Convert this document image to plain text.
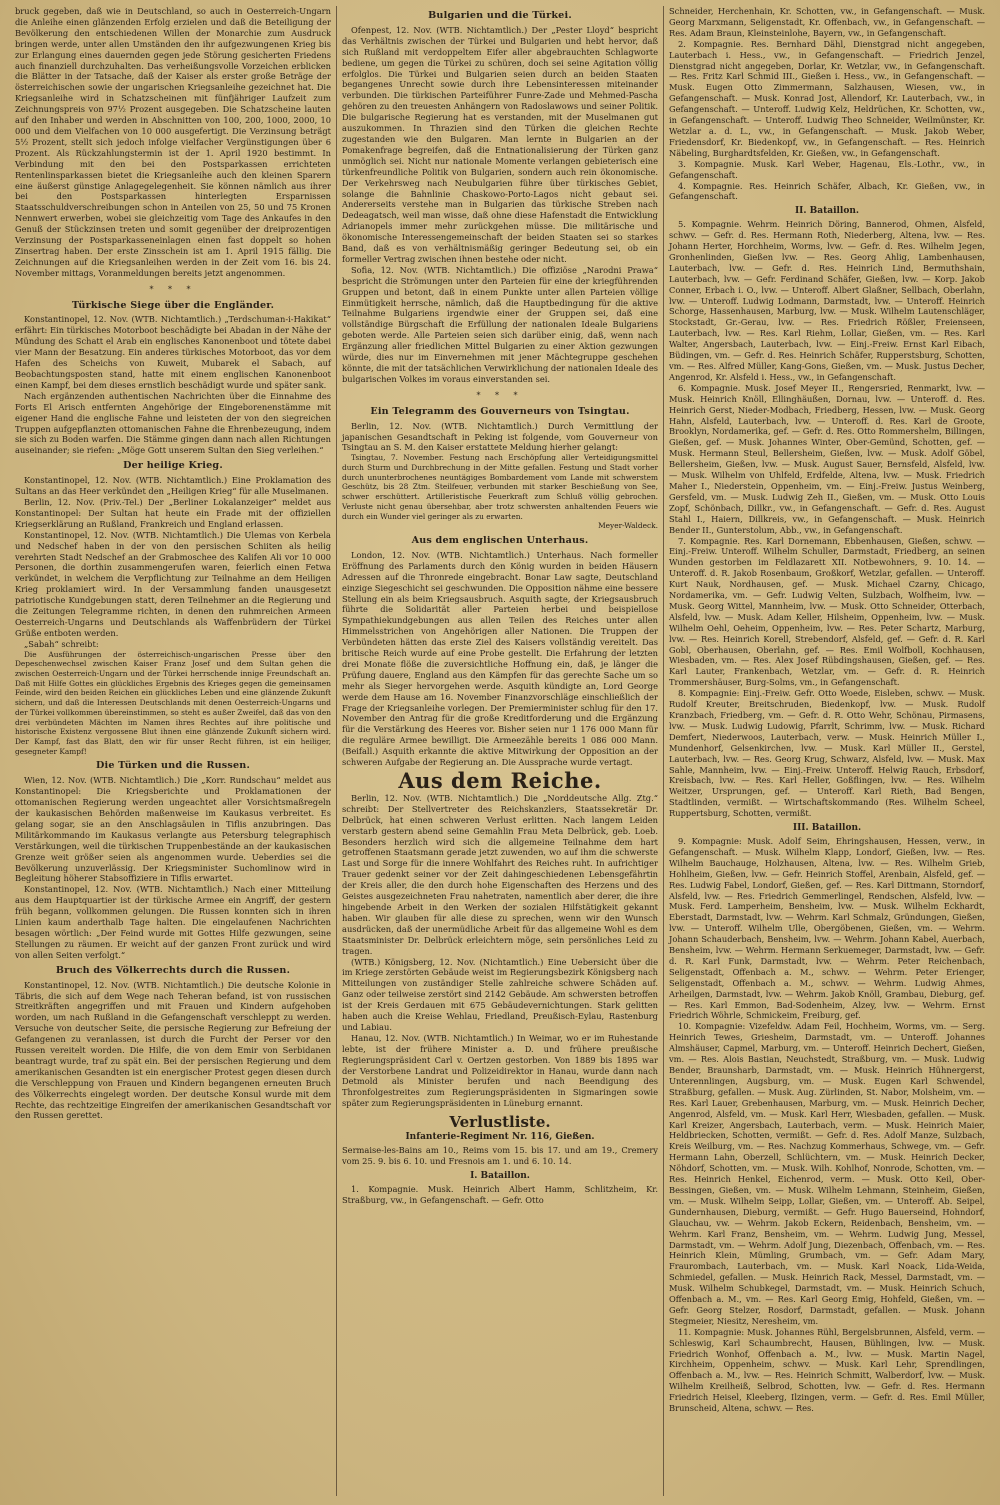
bruck gegeben, daß wie in Deutschland, so auch in Oesterreich-Ungarn die Anleihe einen glänzenden Erfolg erzielen und daß die Beteiligung der Bevölkerung den entschiedenen Willen der Monarchie zum Ausdruck bringen werde, unter allen Umständen den ihr aufgezwungenen Krieg bis zur Erlangung eines dauernden gegen jede Störung gesicherten Friedens auch finanziell durchzuhalten. Das verheißungsvolle Vorzeichen erblicken die Blätter in der Tatsache, daß der Kaiser als erster große Beträge der österreichischen sowie der ungarischen Kriegsanleihe gezeichnet hat. Die Kriegsanleihe wird in Schatzscheinen mit fünfjähriger Laufzeit zum Zeichnungspreis von 97½ Prozent ausgegeben. Die Schatzscheine lauten auf den Inhaber und werden in Abschnitten von 100, 200, 1000, 2000, 10 000 und dem Vielfachen von 10 000 ausgefertigt. Die Verzinsung beträgt 5½ Prozent, stellt sich jedoch infolge vielfacher Vergünstigungen über 6 Prozent. Als Rückzahlungstermin ist der 1. April 1920 bestimmt. In Verbindung mit den bei den Postsparkassen errichteten Rentenlinsparkassen bietet die Kriegsanleihe auch den kleinen Sparern eine äußerst günstige Anlagegelegenheit. Sie können nämlich aus ihrer bei den Postsparkassen hinterlegten Ersparnissen Staatsschuldverschreibungen schon in Anteilen von 25, 50 und 75 Kronen Nennwert erwerben, wobei sie gleichzeitig vom Tage des Ankaufes in den Genuß der Stückzinsen treten und somit gegenüber der dreiprozentigen Verzinsung der Postsparkasseneinlagen einen fast doppelt so hohen Zinsertrag haben. Der erste Zinsschein ist am 1. April 1915 fällig. Die Zeichnungen auf die Kriegsanleihen werden in der Zeit vom 16. bis 24. November mittags, Voranmeldungen bereits jetzt angenommen.

* * *
Türkische Siege über die Engländer.

Konstantinopel, 12. Nov. (WTB. Nichtamtlich.) „Terdschuman-i-Hakikat“ erfährt: Ein türkisches Motorboot beschädigte bei Abadan in der Nähe der Mündung des Schatt el Arab ein englisches Kanonenboot und tötete dabei vier Mann der Besatzung. Ein anderes türkisches Motorboot, das vor dem Hafen des Scheichs von Kuweit, Mubarek el Sabach, auf Beobachtungsposten stand, hatte mit einem englischen Kanonenboot einen Kampf, bei dem dieses ernstlich beschädigt wurde und später sank.

Nach ergänzenden authentischen Nachrichten über die Einnahme des Forts El Arisch entfernten Angehörige der Eingeborenenstämme mit eigener Hand die englische Fahne und leisteten der von den siegreichen Truppen aufgepflanzten ottomanischen Fahne die Ehrenbezeugung, indem sie sich zu Boden warfen. Die Stämme gingen dann nach allen Richtungen auseinander; sie riefen: „Möge Gott unserem Sultan den Sieg verleihen.“

Der heilige Krieg.

Konstantinopel, 12. Nov. (WTB. Nichtamtlich.) Eine Proklamation des Sultans an das Heer verkündet den „Heiligen Krieg“ für alle Muselmanen.

Berlin, 12. Nov. (Priv.-Tel.) Der „Berliner Lokalanzeiger“ meldet aus Konstantinopel: Der Sultan hat heute ein Frade mit der offiziellen Kriegserklärung an Rußland, Frankreich und England erlassen.

Konstantinopel, 12. Nov. (WTB. Nichtamtlich.) Die Ulemas von Kerbela und Nedschef haben in der von den persischen Schiiten als heilig verehrten Stadt Nedschef an der Grabmoschee des Kalifen Ali vor 10 000 Personen, die dorthin zusammengerufen waren, feierlich einen Fetwa verkündet, in welchem die Verpflichtung zur Teilnahme an dem Heiligen Krieg proklamiert wird. In der Versammlung fanden unausgesetzt patriotische Kundgebungen statt, deren Teilnehmer an die Regierung und die Zeitungen Telegramme richten, in denen den ruhmreichen Armeen Oesterreich-Ungarns und Deutschlands als Waffenbrüdern der Türkei Grüße entboten werden.

„Sabah“ schreibt:

Die Ausführungen der österreichisch-ungarischen Presse über den Depeschenwechsel zwischen Kaiser Franz Josef und dem Sultan gehen die zwischen Oesterreich-Ungarn und der Türkei herrschende innige Freundschaft an. Daß mit Hilfe Gottes ein glückliches Ergebnis des Krieges gegen die gemeinsamen Feinde, wird den beiden Reichen ein glückliches Leben und eine glänzende Zukunft sichern, und daß die Interessen Deutschlands mit denen Oesterreich-Ungarns und der Türkei vollkommen übereinstimmen, so steht es außer Zweifel, daß das von den drei verbündeten Mächten im Namen ihres Rechtes auf ihre politische und historische Existenz vergossene Blut ihnen eine glänzende Zukunft sichern wird. Der Kampf, fast das Blatt, den wir für unser Recht führen, ist ein heiliger, gesegneter Kampf!

Die Türken und die Russen.

Wien, 12. Nov. (WTB. Nichtamtlich.) Die „Korr. Rundschau“ meldet aus Konstantinopel: Die Kriegsberichte und Proklamationen der ottomanischen Regierung werden ungeachtet aller Vorsichtsmaßregeln der kaukasischen Behörden maßenweise im Kaukasus verbreitet. Es gelang sogar, sie an den Anschlagsäulen in Tiflis anzubringen. Das Militärkommando im Kaukasus verlangte aus Petersburg telegraphisch Verstärkungen, weil die türkischen Truppenbestände an der kaukasischen Grenze weit größer seien als angenommen wurde. Ueberdies sei die Bevölkerung unzuverlässig. Der Kriegsminister Suchomlinow wird in Begleitung höherer Stabsoffiziere in Tiflis erwartet.

Konstantinopel, 12. Nov. (WTB. Nichtamtlich.) Nach einer Mitteilung aus dem Hauptquartier ist der türkische Armee ein Angriff, der gestern früh begann, vollkommen gelungen. Die Russen konnten sich in ihren Linien kaum anderthalb Tage halten. Die eingelaufenen Nachrichten besagen wörtlich: „Der Feind wurde mit Gottes Hilfe gezwungen, seine Stellungen zu räumen. Er weicht auf der ganzen Front zurück und wird von allen Seiten verfolgt.“

Bruch des Völkerrechts durch die Russen.

Konstantinopel, 12. Nov. (WTB. Nichtamtlich.) Die deutsche Kolonie in Täbris, die sich auf dem Wege nach Teheran befand, ist von russischen Streitkräften angegriffen und mit Frauen und Kindern aufgehoben worden, um nach Rußland in die Gefangenschaft verschleppt zu werden. Versuche von deutscher Seite, die persische Regierung zur Befreiung der Gefangenen zu veranlassen, ist durch die Furcht der Perser vor den Russen vereitelt worden. Die Hilfe, die von dem Emir von Serbidanen beantragt wurde, traf zu spät ein. Bei der persischen Regierung und dem amerikanischen Gesandten ist ein energischer Protest gegen diesen durch die Verschleppung von Frauen und Kindern begangenen erneuten Bruch des Völkerrechts eingelegt worden. Der deutsche Konsul wurde mit dem Rechte, das rechtzeitige Eingreifen der amerikanischen Gesandtschaft vor den Russen gerettet.

Bulgarien und die Türkei.

Ofenpest, 12. Nov. (WTB. Nichtamtlich.) Der „Pester Lloyd“ bespricht das Verhältnis zwischen der Türkei und Bulgarien und hebt hervor, daß sich Rußland mit verdoppeltem Eifer aller abgebrauchten Schlagworte bediene, um gegen die Türkei zu schüren, doch sei seine Agitation völlig erfolglos. Die Türkei und Bulgarien seien durch an beiden Staaten begangenes Unrecht sowie durch ihre Lebensinteressen miteinander verbunden. Die türkischen Parteiführer Funre-Zade und Mehmed-Pascha gehören zu den treuesten Anhängern von Radoslawows und seiner Politik. Die bulgarische Regierung hat es verstanden, mit der Muselmanen gut auszukommen. In Thrazien sind den Türken die gleichen Rechte zugestanden wie den Bulgaren. Man lernte in Bulgarien an der Pomakenfrage begreifen, daß die Entnationalisierung der Türken ganz unmöglich sei. Nicht nur nationale Momente verlangen gebieterisch eine türkenfreundliche Politik von Bulgarien, sondern auch rein ökonomische. Der Verkehrsweg nach Neubulgarien führe über türkisches Gebiet, solange die Bahnlinie Chaskowo-Porto-Lagos nicht gebaut sei. Andererseits verstehe man in Bulgarien das türkische Streben nach Dedeagatsch, weil man wisse, daß ohne diese Hafenstadt die Entwicklung Adrianopels immer mehr zurückgehen müsse. Die militärische und ökonomische Interessengemeinschaft der beiden Staaten sei so starkes Band, daß es von verhältnismäßig geringer Bedeutung sei, ob ein formeller Vertrag zwischen ihnen bestehe oder nicht.

Sofia, 12. Nov. (WTB. Nichtamtlich.) Die offiziöse „Narodni Prawa“ bespricht die Strömungen unter den Parteien für eine der kriegführenden Gruppen und betont, daß in einem Punkte unter allen Parteien völlige Einmütigkeit herrsche, nämlich, daß die Hauptbedingung für die aktive Teilnahme Bulgariens irgendwie einer der Gruppen sei, daß eine vollständige Bürgschaft die Erfüllung der nationalen Ideale Bulgariens geboten werde. Alle Parteien seien sich darüber einig, daß, wenn nach Ergänzung aller friedlichen Mittel Bulgarien zu einer Aktion gezwungen würde, dies nur im Einvernehmen mit jener Mächtegruppe geschehen könnte, die mit der tatsächlichen Verwirklichung der nationalen Ideale des bulgarischen Volkes im voraus einverstanden sei.

* * *
Ein Telegramm des Gouverneurs von Tsingtau.

Berlin, 12. Nov. (WTB. Nichtamtlich.) Durch Vermittlung der japanischen Gesandtschaft in Peking ist folgende, vom Gouverneur von Tsingtau an S. M. den Kaiser erstattete Meldung hierher gelangt:

Tsingtau, 7. November. Festung nach Erschöpfung aller Verteidigungsmittel durch Sturm und Durchbrechung in der Mitte gefallen. Festung und Stadt vorher durch ununterbrochenes neuntägiges Bombardement vom Lande mit schwerstem Geschütz, bis 28 Ztm. Steilfeuer, verbunden mit starker Beschießung von See, schwer erschüttert. Artilleristische Feuerkraft zum Schluß völlig gebrochen. Verluste nicht genau übersehbar, aber trotz schwersten anhaltenden Feuers wie durch ein Wunder viel geringer als zu erwarten.

Meyer-Waldeck.

Aus dem englischen Unterhaus.

London, 12. Nov. (WTB. Nichtamtlich.) Unterhaus. Nach formeller Eröffnung des Parlaments durch den König wurden in beiden Häusern Adressen auf die Thronrede eingebracht. Bonar Law sagte, Deutschland einzige Siegeschicht sei geschwunden. Die Opposition nähme eine bessere Stellung ein als beim Kriegsausbruch. Asquith sagte, der Kriegsausbruch führte die Solidarität aller Parteien herbei und beispiellose Sympathiekundgebungen aus allen Teilen des Reiches unter allen Himmelsstrichen von Angehörigen aller Nationen. Die Truppen der Verbündeten hätten das erste Ziel des Kaisers vollständig vereitelt. Das britische Reich wurde auf eine Probe gestellt. Die Erfahrung der letzten drei Monate flöße die zuversichtliche Hoffnung ein, daß, je länger die Prüfung dauere, England aus den Kämpfen für das gerechte Sache um so mehr als Sieger hervorgehen werde. Asquith kündigte an, Lord George werde dem Hause am 16. November Finanzvorschläge einschließlich der Frage der Kriegsanleihe vorlegen. Der Premierminister schlug für den 17. November den Antrag für die große Kreditforderung und die Ergänzung für die Verstärkung des Heeres vor. Bisher seien nur 1 176 000 Mann für die reguläre Armee bewilligt. Die Armeezähle bereits 1 086 000 Mann. (Beifall.) Asquith erkannte die aktive Mitwirkung der Opposition an der schweren Aufgabe der Regierung an. Die Aussprache wurde vertagt.

Aus dem Reiche.

Berlin, 12. Nov. (WTB. Nichtamtlich.) Die „Norddeutsche Allg. Ztg.“ schreibt: Der Stellvertreter des Reichskanzlers, Staatssekretär Dr. Delbrück, hat einen schweren Verlust erlitten. Nach langem Leiden verstarb gestern abend seine Gemahlin Frau Meta Delbrück, geb. Loeb. Besonders herzlich wird sich die allgemeine Teilnahme dem hart getroffenen Staatsmann gerade jetzt zuwenden, wo auf ihm die schwerste Last und Sorge für die innere Wohlfahrt des Reiches ruht. In aufrichtiger Trauer gedenkt seiner vor der Zeit dahingeschiedenen Lebensgefährtin der Kreis aller, die den durch hohe Eigenschaften des Herzens und des Geistes ausgezeichneten Frau nahetraten, namentlich aber derer, die ihre hingebende Arbeit in den Werken der sozialen Hilfstätigkeit gekannt haben. Wir glauben für alle diese zu sprechen, wenn wir den Wunsch ausdrücken, daß der unermüdliche Arbeit für das allgemeine Wohl es dem Staatsminister Dr. Delbrück erleichtern möge, sein persönliches Leid zu tragen.

(WTB.) Königsberg, 12. Nov. (Nichtamtlich.) Eine Uebersicht über die im Kriege zerstörten Gebäude weist im Regierungsbezirk Königsberg nach Mitteilungen von zuständiger Stelle zahlreiche schwere Schäden auf. Ganz oder teilweise zerstört sind 2142 Gebäude. Am schwersten betroffen ist der Kreis Gerdauen mit 675 Gebäudevernichtungen. Stark gelitten haben auch die Kreise Wehlau, Friedland, Preußisch-Eylau, Rastenburg und Labiau.

Hanau, 12. Nov. (WTB. Nichtamtlich.) In Weimar, wo er im Ruhestande lebte, ist der frühere Minister a. D. und frühere preußische Regierungspräsident Carl v. Oertzen gestorben. Von 1889 bis 1895 war der Verstorbene Landrat und Polizeidirektor in Hanau, wurde dann nach Detmold als Minister berufen und nach Beendigung des Thronfolgestreites zum Regierungspräsidenten in Sigmaringen sowie später zum Regierungspräsidenten in Lüneburg ernannt.

Verlustliste.
Infanterie-Regiment Nr. 116, Gießen.

Sermaise-les-Bains am 10., Reims vom 15. bis 17. und am 19., Cremery vom 25. 9. bis 6. 10. und Fresnois am 1. und 6. 10. 14.

I. Bataillon.

1. Kompagnie. Musk. Heinrich Albert Hamm, Schlitzheim, Kr. Straßburg, vw., in Gefangenschaft. — Gefr. Otto

Schneider, Herchenhain, Kr. Schotten, vw., in Gefangenschaft. — Musk. Georg Marxmann, Seligenstadt, Kr. Offenbach, vw., in Gefangenschaft. — Res. Adam Braun, Kleinsteinlohe, Bayern, vw., in Gefangenschaft.

2. Kompagnie. Res. Bernhard Dähl, Dienstgrad nicht angegeben, Lauterbach i. Hess., vw., in Gefangenschaft. — Friedrich Jenzel, Dienstgrad nicht angegeben, Dorlar, Kr. Wetzlar, vw., in Gefangenschaft. — Res. Fritz Karl Schmid III., Gießen i. Hess., vw., in Gefangenschaft. — Musk. Eugen Otto Zimmermann, Salzhausen, Wiesen, vw., in Gefangenschaft. — Musk. Konrad Jost, Allendorf, Kr. Lauterbach, vw., in Gefangenschaft. — Unteroff. Ludwig Kelz, Heldrüchen, Kr. Schotten, vw., in Gefangenschaft. — Unteroff. Ludwig Theo Schneider, Weilmünster, Kr. Wetzlar a. d. L., vw., in Gefangenschaft. — Musk. Jakob Weber, Friedensdorf, Kr. Biedenkopf, vw., in Gefangenschaft. — Res. Heinrich Näbeling, Burghardtsfelden, Kr. Gießen, vw., in Gefangenschaft.

3. Kompagnie. Musk. Karl Weber, Hagenau, Els.-Lothr., vw., in Gefangenschaft.

4. Kompagnie. Res. Heinrich Schäfer, Albach, Kr. Gießen, vw., in Gefangenschaft.

II. Bataillon.

5. Kompagnie. Wehrm. Heinrich Döring, Bannerod, Ohmen, Alsfeld, schwv. — Gefr. d. Res. Hermann Roth, Niederberg, Altena, lvw. — Res. Johann Herter, Horchheim, Worms, lvw. — Gefr. d. Res. Wilhelm Jegen, Gronhenlinden, Gießen lvw. — Res. Georg Ahlig, Lambenhausen, Lauterbach, lvw. — Gefr. d. Res. Heinrich Lind, Bermuthshain, Lauterbach, lvw. — Gefr. Ferdinand Schäfer, Gießen, lvw. — Korp. Jakob Conner, Erbach i. O., lvw. — Unteroff. Albert Glaßner, Sellbach, Oberlahn, lvw. — Unteroff. Ludwig Lodmann, Darmstadt, lvw. — Unteroff. Heinrich Schorge, Hassenhausen, Marburg, lvw. — Musk. Wilhelm Lautenschläger, Stockstadt, Gr.-Gerau, lvw. — Res. Friedrich Rößler, Freienseen, Lauterbach, lvw. — Res. Karl Riehm, Lollar, Gießen, vm. — Res. Karl Walter, Angersbach, Lauterbach, lvw. — Einj.-Freiw. Ernst Karl Eibach, Büdingen, vm. — Gefr. d. Res. Heinrich Schäfer, Rupperstsburg, Schotten, vm. — Res. Alfred Müller, Kang-Gons, Gießen, vm. — Musk. Justus Decher, Angenrod, Kr. Alsfeld i. Hess., vw., in Gefangenschaft.

6. Kompagnie. Musk. Josef Meyer II., Rengersried, Renmarkt, lvw. — Musk. Heinrich Knöll, Ellinghäußen, Dornau, lvw. — Unteroff. d. Res. Heinrich Gerst, Nieder-Modbach, Friedberg, Hessen, lvw. — Musk. Georg Hahn, Alsfeld, Lauterbach, lvw. — Unteroff. d. Res. Karl de Groote, Brooklyn, Nordamerika, gef. — Gefr. d. Res. Otto Rommershelm, Billingen, Gießen, gef. — Musk. Johannes Winter, Ober-Gemünd, Schotten, gef. — Musk. Hermann Steul, Bellersheim, Gießen, lvw. — Musk. Adolf Göbel, Bellersheim, Gießen, lvw. — Musk. August Sauer, Bernsfeld, Alsfeld, lvw. — Musk. Wilhelm von Uhlfeld, Erdfelde, Altena, lvw. — Musk. Friedrich Maher I., Niederstein, Oppenheim, vm. — Einj.-Freiw. Justus Weinberg, Gersfeld, vm. — Musk. Ludwig Zeh II., Gießen, vm. — Musk. Otto Louis Zopf, Schönbach, Dillkr., vw., in Gefangenschaft. — Gefr. d. Res. August Stahl I., Haiern, Dillkreis, vw., in Gefangenschaft. — Musk. Heinrich Bender II., Gunterstolum, Abb., vw., in Gefangenschaft.

7. Kompagnie. Res. Karl Dornemann, Ebbenhausen, Gießen, schwv. — Einj.-Freiw. Unteroff. Wilhelm Schuller, Darmstadt, Friedberg, an seinen Wunden gestorben im Feldlazarett XII. Notbewohners, 9. 10. 14. — Unteroff. d. R. Jakob Rosenbaum, Großkorf, Wetzlar, gefallen. — Unteroff. Kurt Nauk, Nordhausen, gef. — Musk. Michael Czarny, Chicago, Nordamerika, vm. — Gefr. Ludwig Velten, Sulzbach, Wolfheim, lvw. — Musk. Georg Wittel, Mannheim, lvw. — Musk. Otto Schneider, Otterbach, Alsfeld, lvw. — Musk. Adam Keller, Hilsheim, Oppenheim, lvw. — Musk. Wilhelm Oehl, Oeheim, Oppenheim, lvw. — Res. Peter Schartz, Marburg, lvw. — Res. Heinrich Korell, Strebendorf, Alsfeld, gef. — Gefr. d. R. Karl Gobl, Oberhausen, Oberlahn, gef. — Res. Emil Wolfboll, Kochhausen, Wiesbaden, vm. — Res. Alex Josef Rübdingshausen, Gießen, gef. — Res. Karl Lauter, Frankenbach, Wetzlar, vm. — Gefr. d. R. Heinrich Trommershäuser, Burg-Solms, vm., in Gefangenschaft.

8. Kompagnie: Einj.-Freiw. Gefr. Otto Woede, Eisleben, schwv. — Musk. Rudolf Kreuter, Breitschruden, Biedenkopf, lvw. — Musk. Rudolf Kranzbach, Friedberg, vm. — Gefr. d. R. Otto Wehr, Schönau, Pirmasens, lvw. — Musk. Ludwig Ludowig, Pfarrlt, Schrimm, lvw. — Musk. Richard Demfert, Niederwoos, Lauterbach, verw. — Musk. Heinrich Müller I., Mundenhorf, Gelsenkirchen, lvw. — Musk. Karl Müller II., Gerstel, Lauterbach, lvw. — Res. Georg Krug, Schwarz, Alsfeld, lvw. — Musk. Max Sahle, Mannheim, lvw. — Einj.-Freiw. Unteroff. Helwig Rauch, Erbsdorf, Kreisbach, lvw. — Res. Karl Heller, Goßflingen, lvw. — Res. Wilhelm Weitzer, Ursprungen, gef. — Unteroff. Karl Rieth, Bad Bengen, Stadtlinden, vermißt. — Wirtschaftskommando (Res. Wilhelm Scheel, Ruppertsburg, Schotten, vermißt.

III. Bataillon.

9. Kompagnie: Musk. Adolf Seim, Ehringshausen, Hessen, verw., in Gefangenschaft. — Musk. Wilhelm Klapp, Londorf, Gießen, lvw. — Res. Wilhelm Bauchauge, Holzhausen, Altena, lvw. — Res. Wilhelm Grieb, Hohlheim, Gießen, lvw. — Gefr. Heinrich Stoffel, Arenbain, Alsfeld, gef. — Res. Ludwig Fabel, Londorf, Gießen, gef. — Res. Karl Dittmann, Storndorf, Alsfeld, lvw. — Res. Friedrich Gemmerlingel, Rendschen, Alsfeld, lvw. — Musk. Ferd. Lamperheim, Bensheim, lvw. — Musk. Wilhelm Eckhardt, Eberstadt, Darmstadt, lvw. — Wehrm. Karl Schmalz, Gründungen, Gießen, lvw. — Unteroff. Wilhelm Ulle, Obergöbenen, Gießen, vm. — Wehrm. Johann Schauderbach, Bensheim, lvw. — Wehrm. Johann Kabel, Auerbach, Bensheim, lvw. — Wehrm. Hermann Serkuemeger, Darmstadt, lvw. — Gefr. d. R. Karl Funk, Darmstadt, lvw. — Wehrm. Peter Reichenbach, Seligenstadt, Offenbach a. M., schwv. — Wehrm. Peter Erienger, Seligenstadt, Offenbach a. M., schwv. — Wehrm. Ludwig Ahmes, Arheilgen, Darmstadt, lvw. — Wehrm. Jakob Knöll, Grambau, Dieburg, gef. — Res. Karl Emmon, Bad-Sodenheim, Alzey, lvw. — Wehrm. Ernst Friedrich Wöhrle, Schmickeim, Freiburg, gef.

10. Kompagnie: Vizefeldw. Adam Feil, Hochheim, Worms, vm. — Serg. Heinrich Tewes, Griesheim, Darmstadt, vm. — Unteroff. Johannes Almshäuser, Capmel, Marburg, vm. — Unteroff. Heinrich Dechert, Gießen, vm. — Res. Alois Bastian, Neuchstedt, Straßburg, vm. — Musk. Ludwig Bender, Braunsharb, Darmstadt, vm. — Musk. Heinrich Hühnergerst, Unterennlingen, Augsburg, vm. — Musk. Eugen Karl Schwendel, Straßburg, gefallen. — Musk. Aug. Zürlinden, St. Nabor, Molsheim, vm. — Res. Karl Lauer, Grebenhausen, Marburg, vm. — Musk. Heinrich Decher, Angenrod, Alsfeld, vm. — Musk. Karl Herr, Wiesbaden, gefallen. — Musk. Karl Kreizer, Angersbach, Lauterbach, verm. — Musk. Heinrich Maier, Heldbriecken, Schotten, vermißt. — Gefr. d. Res. Adolf Manze, Sulzbach, Kreis Weilburg, vm. — Res. Nachzug Kommerhaus, Schwege, vm. — Gefr. Hermann Lahn, Oberzell, Schlüchtern, vm. — Musk. Heinrich Decker, Nöhdorf, Schotten, vm. — Musk. Wilh. Kohlhof, Nonrode, Schotten, vm. — Res. Heinrich Henkel, Eichenrod, verm. — Musk. Otto Keil, Ober-Bessingen, Gießen, vm. — Musk. Wilhelm Lehmann, Steinheim, Gießen, vm. — Musk. Wilhelm Seipp, Lollar, Gießen, vm. — Unteroff. Ab. Seipel, Gundernhausen, Dieburg, vermißt. — Gefr. Hugo Bauerseind, Hohndorf, Glauchau, vw. — Wehrm. Jakob Eckern, Reidenbach, Bensheim, vm. — Wehrm. Karl Franz, Bensheim, vm. — Wehrm. Ludwig Jung, Messel, Darmstadt, vm. — Wehrm. Adolf Jung, Diezenbach, Offenbach, vm. — Res. Heinrich Klein, Mümling, Grumbach, vm. — Gefr. Adam Mary, Fraurombach, Lauterbach, vm. — Musk. Karl Noack, Lida-Weida, Schmiedel, gefallen. — Musk. Heinrich Rack, Messel, Darmstadt, vm. — Musk. Wilhelm Schubkegel, Darmstadt, vm. — Musk. Heinrich Schuch, Offenbach a. M., vm. — Res. Karl Georg Emig, Hohfeld, Gießen, vm. — Gefr. Georg Stelzer, Rosdorf, Darmstadt, gefallen. — Musk. Johann Stegmeier, Niesitz, Neresheim, vm.

11. Kompagnie: Musk. Johannes Rühl, Bergelsbrunnen, Alsfeld, verm. — Schleswig, Karl Schaumbrecht, Hausen, Bühlingen, lvw. — Musk. Friedrich Wonhof, Offenbach a. M., lvw. — Musk. Martin Nagel, Kirchheim, Oppenheim, schwv. — Musk. Karl Lehr, Sprendlingen, Offenbach a. M., lvw. — Res. Heinrich Schmitt, Walberdorf, lvw. — Musk. Wilhelm Kreilheiß, Selbrod, Schotten, lvw. — Gefr. d. Res. Hermann Friedrich Heisel, Kleeberg, Ilzingen, verm. — Gefr. d. Res. Emil Müller, Brunscheid, Altena, schwv. — Res.
